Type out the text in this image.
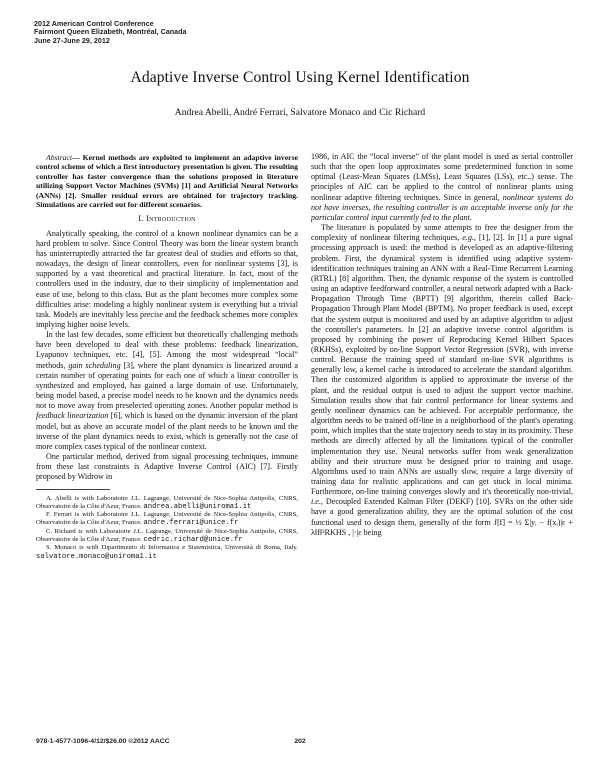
2012 American Control Conference
Fairmont Queen Elizabeth, Montréal, Canada
June 27-June 29, 2012
Adaptive Inverse Control Using Kernel Identification
Andrea Abelli, André Ferrari, Salvatore Monaco and Cic Richard

Abstract— Kernel methods are exploited to implement an adaptive inverse control scheme of which a first introductory presentation is given. The resulting controller has faster convergence than the solutions proposed in literature utilizing Support Vector Machines (SVMs) [1] and Artificial Neural Networks (ANNs) [2]. Smaller residual errors are obtained for trajectory tracking. Simulations are carried out for different scenarios.

I. Introduction

Analytically speaking, the control of a known nonlinear dynamics can be a hard problem to solve. Since Control Theory was born the linear system branch has uninterruptedly attracted the far greatest deal of studies and efforts so that, nowadays, the design of linear controllers, even for nonlinear systems [3], is supported by a vast theoretical and practical literature. In fact, most of the controllers used in the industry, due to their simplicity of implementation and ease of use, belong to this class. But as the plant becomes more complex some difficulties arise: modeling a highly nonlinear system is everything but a trivial task. Models are inevitably less precise and the feedback schemes more complex implying higher noise levels.

In the last few decades, some efficient but theoretically challenging methods have been developed to deal with these problems: feedback linearization, Lyapunov techniques, etc. [4], [5]. Among the most widespread “local” methods, gain scheduling [3], where the plant dynamics is linearized around a certain number of operating points for each one of which a linear controller is synthesized and employed, has gained a large domain of use. Unfortunately, being model based, a precise model needs to be known and the dynamics needs not to move away from preselected operating zones. Another popular method is feedback linearization [6], which is based on the dynamic inversion of the plant model, but as above an accurate model of the plant needs to be known and the inverse of the plant dynamics needs to exist, which is generally not the case of more complex cases typical of the nonlinear context.

One particular method, derived from signal processing techniques, immune from these last constraints is Adaptive Inverse Control (AIC) [7]. Firstly proposed by Widrow in

A. Abelli is with Laboratoire J.L. Lagrange, Université de Nice-Sophia Antipolis, CNRS, Observatoire de la Côte d'Azur, France. andrea.abelli@uniroma1.it

F. Ferrari is with Laboratoire J.L. Lagrange, Université de Nice-Sophia Antipolis, CNRS, Observatoire de la Côte d'Azur, France. andre.ferrari@unice.fr

C. Richard is with Laboratoire J.L. Lagrange, Université de Nice-Sophia Antipolis, CNRS, Observatoire de la Côte d'Azur, France. cedric.richard@unice.fr

S. Monaco is with Dipartimento di Informatica e Sistemistica, Università di Roma, Italy. salvatore.monaco@uniroma1.it

1986, in AIC the “local inverse” of the plant model is used as serial controller such that the open loop approximates some predetermined function in some optimal (Least-Mean Squares (LMSs), Least Squares (LSs), etc..) sense. The principles of AIC can be applied to the control of nonlinear plants using nonlinear adaptive filtering techniques. Since in general, nonlinear systems do not have inverses, the resulting controller is an acceptable inverse only for the particular control input currently fed to the plant.

The literature is populated by some attempts to free the designer from the complexity of nonlinear filtering techniques, e.g., [1], [2]. In [1] a pure signal processing approach is used: the method is developed as an adaptive-filtering problem. First, the dynamical system is identified using adaptive system-identification techniques training an ANN with a Real-Time Recurrent Learning (RTRL) [8] algorithm. Then, the dynamic response of the system is controlled using an adaptive feedforward controller, a neural network adapted with a Back-Propagation Through Time (BPTT) [9] algorithm, therein called Back-Propagation Through Plant Model (BPTM). No proper feedback is used, except that the system output is monitored and used by an adaptive algorithm to adjust the controller's parameters. In [2] an adaptive inverse control algorithm is proposed by combining the power of Reproducing Kernel Hilbert Spaces (RKHSs), exploited by on-line Support Vector Regression (SVR), with inverse control. Because the training speed of standard on-line SVR algorithms is generally low, a kernel cache is introduced to accelerate the standard algorithm. Then the customized algorithm is applied to approximate the inverse of the plant, and the residual output is used to adjust the support vector machine. Simulation results show that fair control performance for linear systems and gently nonlinear dynamics can be achieved. For acceptable performance, the algorithm needs to be trained off-line in a neighborhood of the plant's operating point, which implies that the state trajectory needs to stay in its proximity. These methods are directly affected by all the limitations typical of the controller implementation they use. Neural networks suffer from weak generalization ability and their structure must be designed prior to training and usage. Algorithms used to train ANNs are usually slow, require a large diversity of training data for realistic applications and can get stuck in local minima. Furthermore, on-line training converges slowly and it's theoretically non-trivial, i.e., Decoupled Extended Kalman Filter (DEKF) [10]. SVRs on the other side have a good generalization ability, they are the optimal solution of the cost functional used to design them, generally of the form J[f] = ½ Σ|yᵢ − f(xᵢ)|ε + λ‖f‖²RKHS , |·|ε being

978-1-4577-1096-4/12/$26.00 ©2012 AACC	202
